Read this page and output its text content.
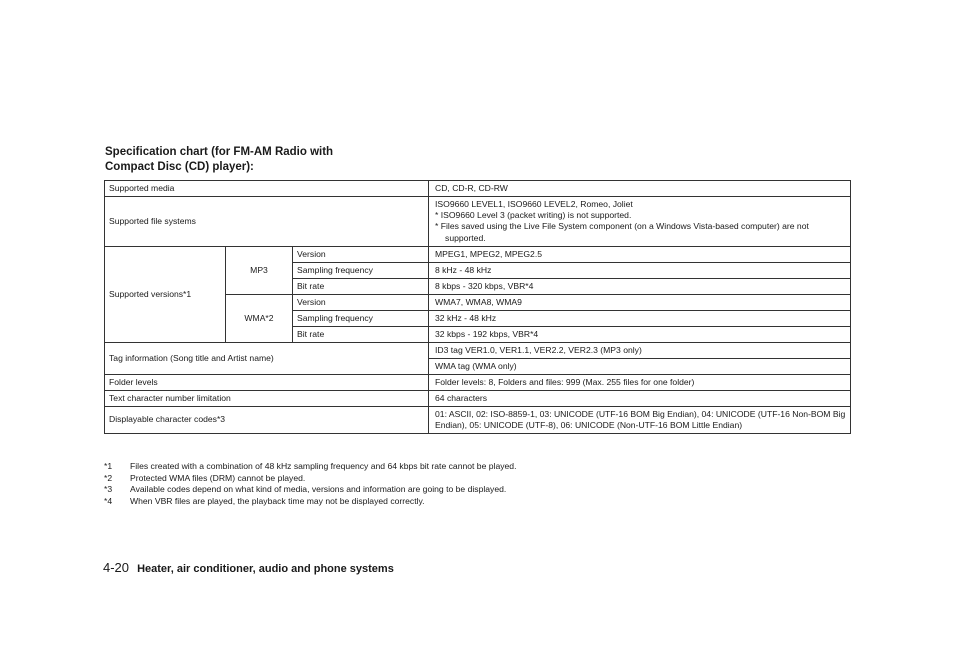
Specification chart (for FM-AM Radio with
Compact Disc (CD) player):
Supported media			CD, CD-R, CD-RW
Supported file systems			ISO9660 LEVEL1, ISO9660 LEVEL2, Romeo, Joliet
* ISO9660 Level 3 (packet writing) is not supported.
* Files saved using the Live File System component (on a Windows Vista-based computer) are not supported.

Supported versions*1	MP3	Version	MPEG1, MPEG2, MPEG2.5
		Sampling frequency	8 kHz - 48 kHz
		Bit rate	8 kbps - 320 kbps, VBR*4
	WMA*2	Version	WMA7, WMA8, WMA9
		Sampling frequency	32 kHz - 48 kHz
		Bit rate	32 kbps - 192 kbps, VBR*4
Tag information (Song title and Artist name)			ID3 tag VER1.0, VER1.1, VER2.2, VER2.3 (MP3 only)
			WMA tag (WMA only)
Folder levels			Folder levels: 8, Folders and files: 999 (Max. 255 files for one folder)
Text character number limitation			64 characters
Displayable character codes*3			01: ASCII, 02: ISO-8859-1, 03: UNICODE (UTF-16 BOM Big Endian), 04: UNICODE (UTF-16 Non-BOM Big Endian), 05: UNICODE (UTF-8), 06: UNICODE (Non-UTF-16 BOM Little Endian)
*1	Files created with a combination of 48 kHz sampling frequency and 64 kbps bit rate cannot be played.
*2	Protected WMA files (DRM) cannot be played.
*3	Available codes depend on what kind of media, versions and information are going to be displayed.
*4	When VBR files are played, the playback time may not be displayed correctly.
4-20 Heater, air conditioner, audio and phone systems
